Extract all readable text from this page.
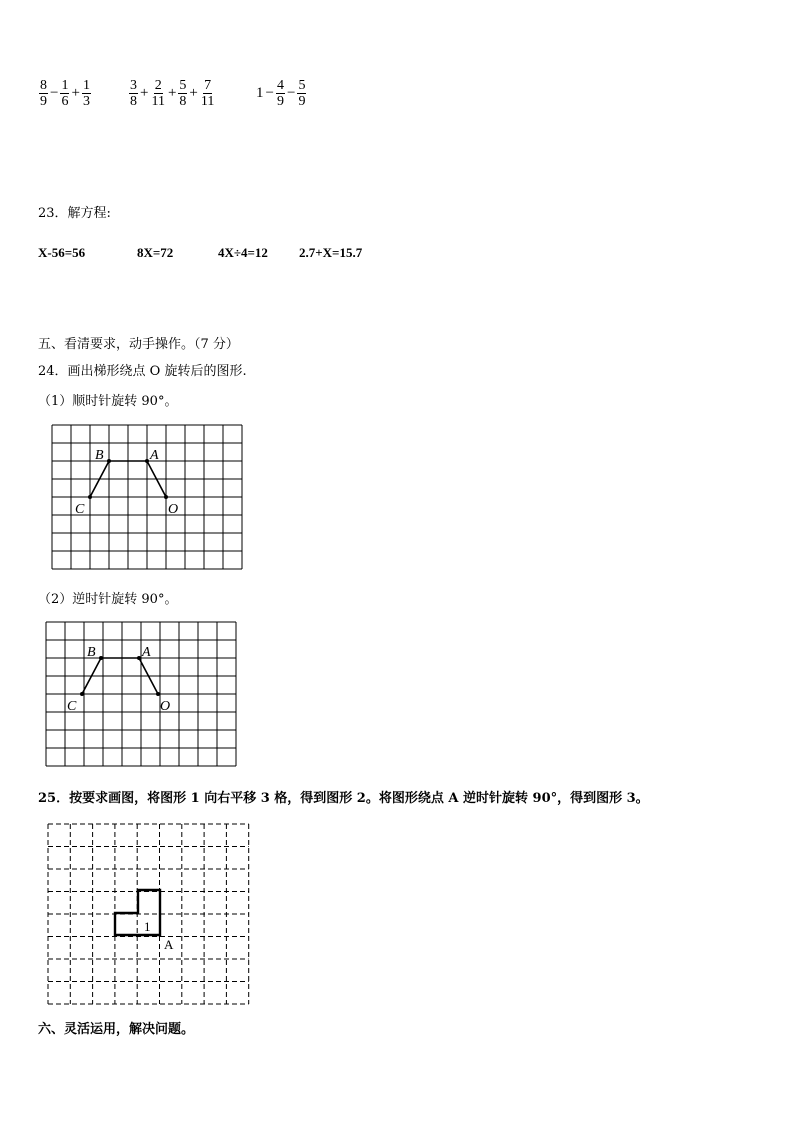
$\frac{8}{9} - \frac{1}{6} + \frac{1}{3}$	$\frac{3}{8} + \frac{2}{11} + \frac{5}{8} + \frac{7}{11}$	$1 - \frac{4}{9} - \frac{5}{9}$
23．解方程:
X-56=56	8X=72	4X÷4=12 2.7+X=15.7
五、看清要求，动手操作。（7 分）
24．画出梯形绕点 O 旋转后的图形.
（1）顺时针旋转 90°。
B	A
C	O
（2）逆时针旋转 90°。
B	A
C	O
25．按要求画图，将图形 1 向右平移 3 格，得到图形 2。将图形绕点 A 逆时针旋转 90°，得到图形 3。
1
A
六、灵活运用，解决问题。
